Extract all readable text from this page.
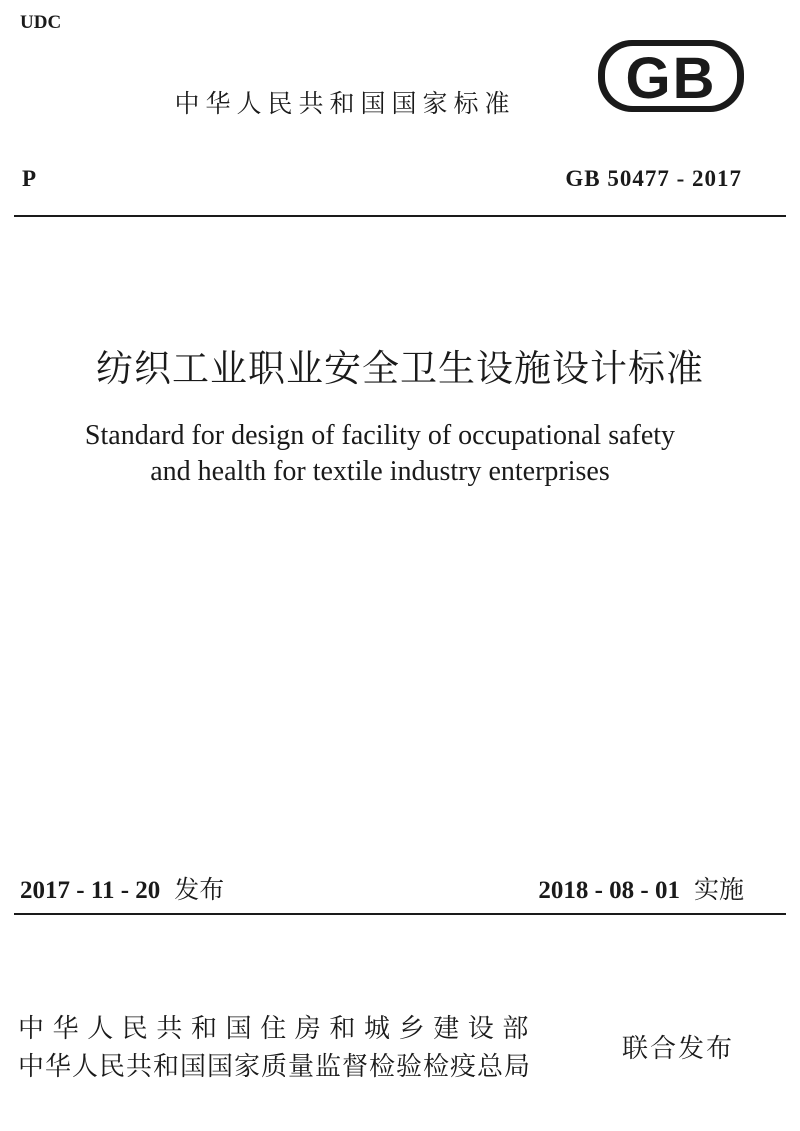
UDC
中华人民共和国国家标准	GB
P	GB 50477 - 2017
纺织工业职业安全卫生设施设计标准
Standard for design of facility of occupational safety
and health for textile industry enterprises
2017 - 11 - 20 发布	2018 - 08 - 01 实施
中华人民共和国住房和城乡建设部
中华人民共和国国家质量监督检验检疫总局
联合发布
